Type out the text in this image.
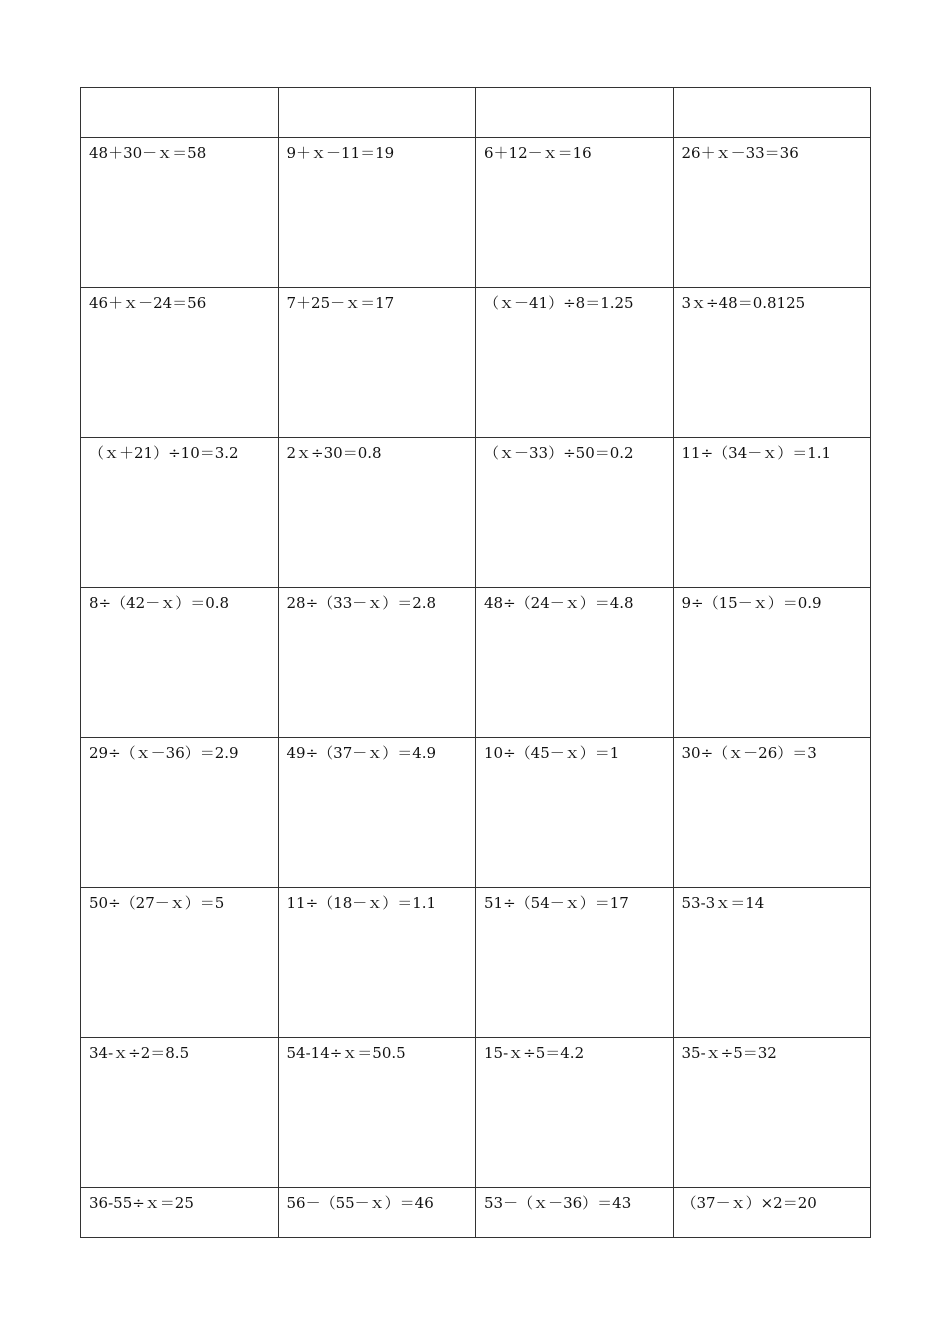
48＋30－ｘ＝58	9＋ｘ－11＝19	6＋12－ｘ＝16	26＋ｘ－33＝36
46＋ｘ－24＝56	7＋25－ｘ＝17	（ｘ－41）÷8＝1.25	3ｘ÷48＝0.8125
（ｘ＋21）÷10＝3.2	2ｘ÷30＝0.8	（ｘ－33）÷50＝0.2	11÷（34－ｘ）＝1.1
8÷（42－ｘ）＝0.8	28÷（33－ｘ）＝2.8	48÷（24－ｘ）＝4.8	9÷（15－ｘ）＝0.9
29÷（ｘ－36）＝2.9	49÷（37－ｘ）＝4.9	10÷（45－ｘ）＝1	30÷（ｘ－26）＝3
50÷（27－ｘ）＝5	11÷（18－ｘ）＝1.1	51÷（54－ｘ）＝17	53-3ｘ＝14
34-ｘ÷2＝8.5	54-14÷ｘ＝50.5	15-ｘ÷5＝4.2	35-ｘ÷5＝32
36-55÷ｘ＝25	56－（55－ｘ）＝46	53－（ｘ－36）＝43	（37－ｘ）×2＝20
